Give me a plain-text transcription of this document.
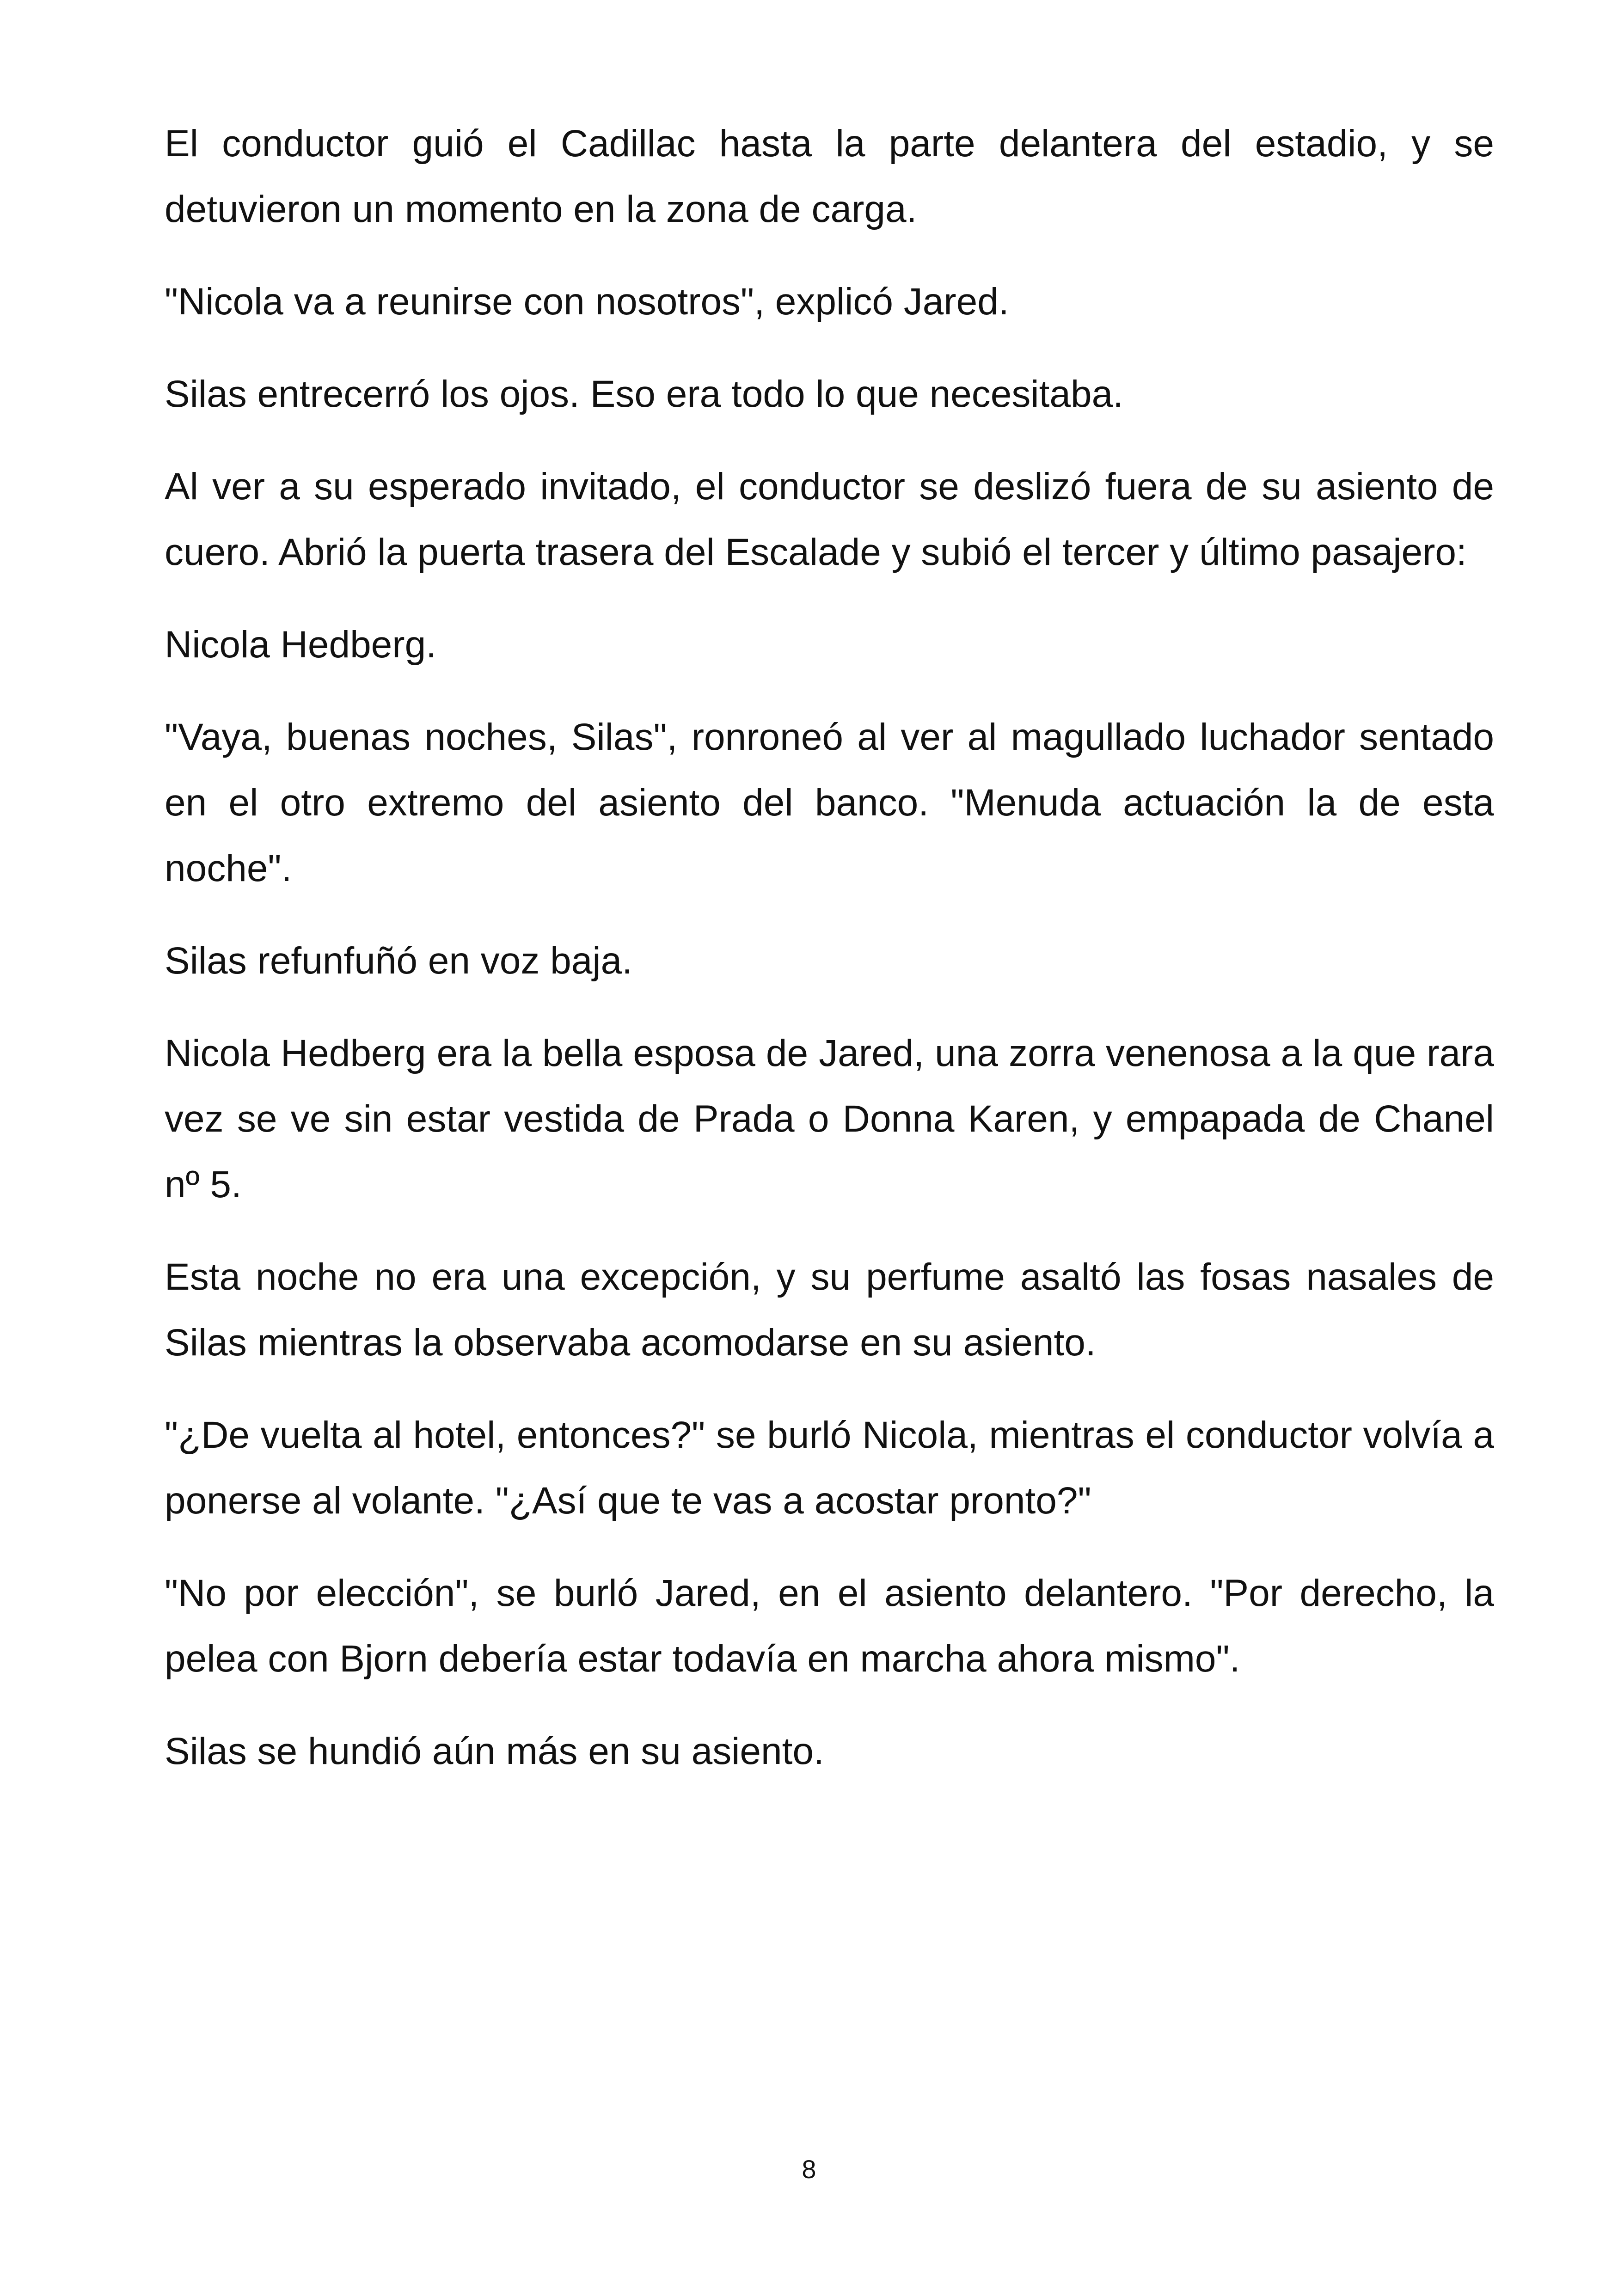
El conductor guió el Cadillac hasta la parte delantera del estadio, y se detuvieron un momento en la zona de carga.

"Nicola va a reunirse con nosotros", explicó Jared.

Silas entrecerró los ojos. Eso era todo lo que necesitaba.

Al ver a su esperado invitado, el conductor se deslizó fuera de su asiento de cuero. Abrió la puerta trasera del Escalade y subió el tercer y último pasajero:

Nicola Hedberg.

"Vaya, buenas noches, Silas", ronroneó al ver al magullado luchador sentado en el otro extremo del asiento del banco. "Menuda actuación la de esta noche".

Silas refunfuñó en voz baja.

Nicola Hedberg era la bella esposa de Jared, una zorra venenosa a la que rara vez se ve sin estar vestida de Prada o Donna Karen, y empapada de Chanel nº 5.

Esta noche no era una excepción, y su perfume asaltó las fosas nasales de Silas mientras la observaba acomodarse en su asiento.

"¿De vuelta al hotel, entonces?" se burló Nicola, mientras el conductor volvía a ponerse al volante. "¿Así que te vas a acostar pronto?"

"No por elección", se burló Jared, en el asiento delantero. "Por derecho, la pelea con Bjorn debería estar todavía en marcha ahora mismo".

Silas se hundió aún más en su asiento.

8
